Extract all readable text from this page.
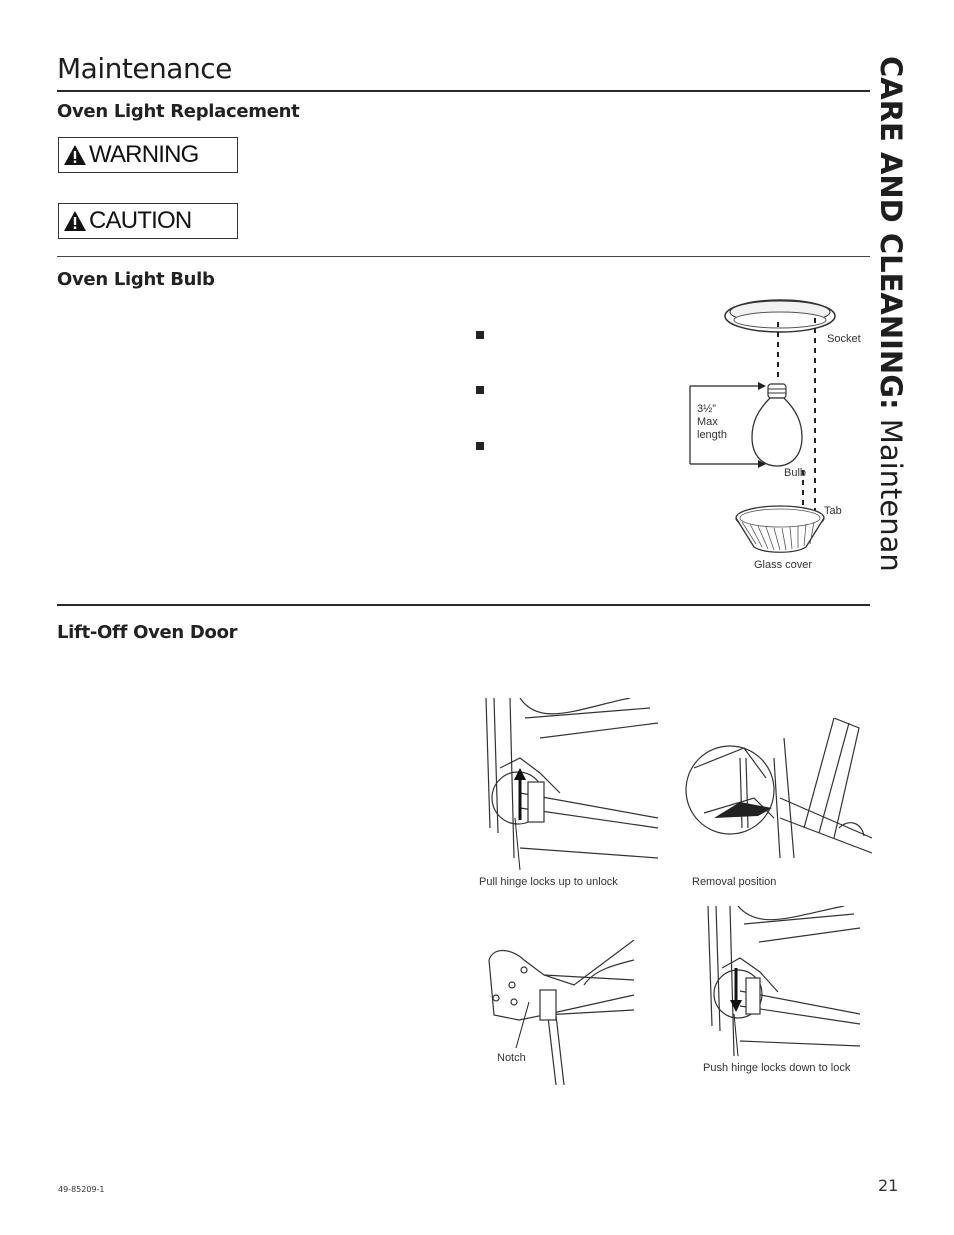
Maintenance	CARE AND CLEANING: Maintenance
Oven Light Replacement
WARNING
CAUTION
Oven Light Bulb
Socket
3½”
Max
length
Bulb
Tab
Glass cover
Lift-Off Oven Door
Pull hinge locks up to unlock	Removal position
Notch
Push hinge locks down to lock
49-85209-1	21
